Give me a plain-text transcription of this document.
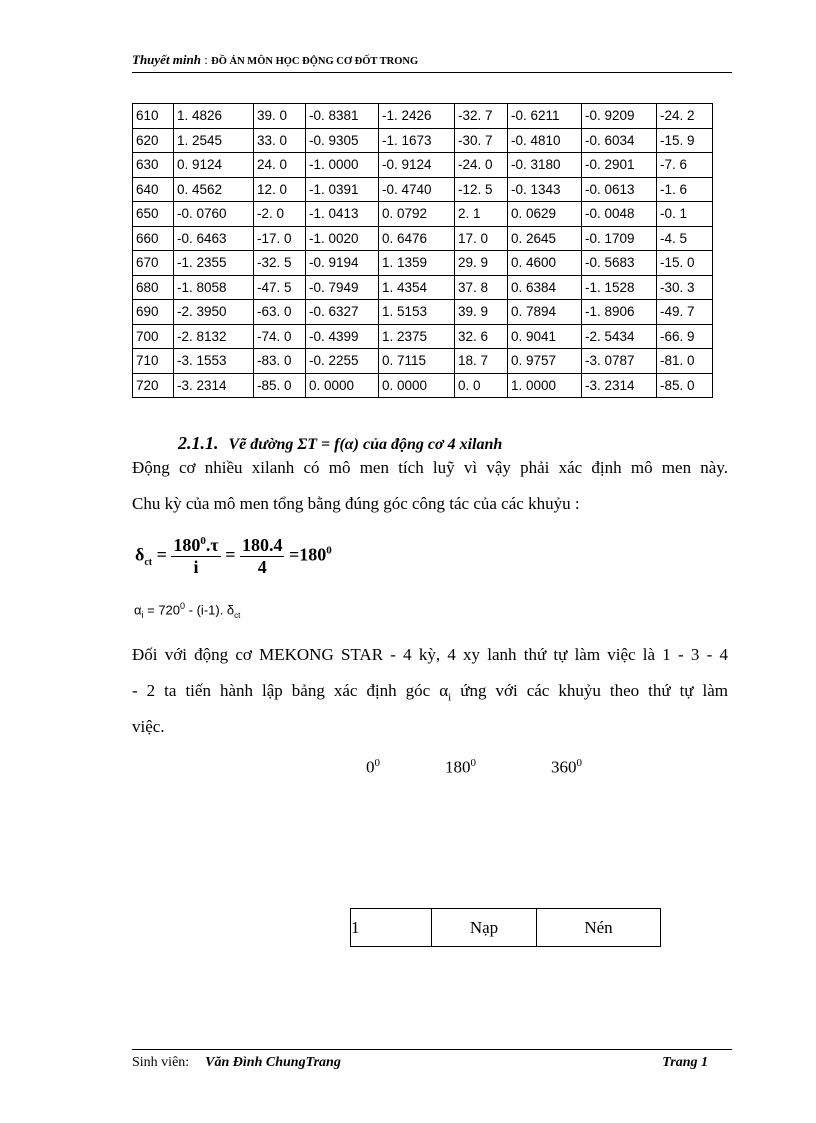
Thuyết minh : ĐỒ ÁN MÔN HỌC ĐỘNG CƠ ĐỐT TRONG
610	1. 4826	39. 0	-0. 8381	-1. 2426	-32. 7	-0. 6211	-0. 9209	-24. 2
620	1. 2545	33. 0	-0. 9305	-1. 1673	-30. 7	-0. 4810	-0. 6034	-15. 9
630	0. 9124	24. 0	-1. 0000	-0. 9124	-24. 0	-0. 3180	-0. 2901	-7. 6
640	0. 4562	12. 0	-1. 0391	-0. 4740	-12. 5	-0. 1343	-0. 0613	-1. 6
650	-0. 0760	-2. 0	-1. 0413	0. 0792	2. 1	0. 0629	-0. 0048	-0. 1
660	-0. 6463	-17. 0	-1. 0020	0. 6476	17. 0	0. 2645	-0. 1709	-4. 5
670	-1. 2355	-32. 5	-0. 9194	1. 1359	29. 9	0. 4600	-0. 5683	-15. 0
680	-1. 8058	-47. 5	-0. 7949	1. 4354	37. 8	0. 6384	-1. 1528	-30. 3
690	-2. 3950	-63. 0	-0. 6327	1. 5153	39. 9	0. 7894	-1. 8906	-49. 7
700	-2. 8132	-74. 0	-0. 4399	1. 2375	32. 6	0. 9041	-2. 5434	-66. 9
710	-3. 1553	-83. 0	-0. 2255	0. 7115	18. 7	0. 9757	-3. 0787	-81. 0
720	-3. 2314	-85. 0	0. 0000	0. 0000	0. 0	1. 0000	-3. 2314	-85. 0
2.1.1. Vẽ đường ΣT = f(α) của động cơ 4 xilanh
Động cơ nhiều xilanh có mô men tích luỹ vì vậy phải xác định mô men này.
Chu kỳ của mô men tổng bằng đúng góc công tác của các khuỷu :
$\delta_{ct} = \frac{180^0.\tau}{i} = \frac{180.4}{4} =180^0$
$\alpha_i = 720^0 - (i-1)$. $\delta_{ct}$
Đối với động cơ MEKONG STAR - 4 kỳ, 4 xy lanh thứ tự làm việc là 1 - 3 - 4
- 2 ta tiến hành lập bảng xác định góc $\alpha_i$ ứng với các khuỷu theo thứ tự làm
việc.
$0^0$	$180^0$	$360^0$
1	Nạp	Nén
Sinh viên: Văn Đình ChungTrang	Trang 1
